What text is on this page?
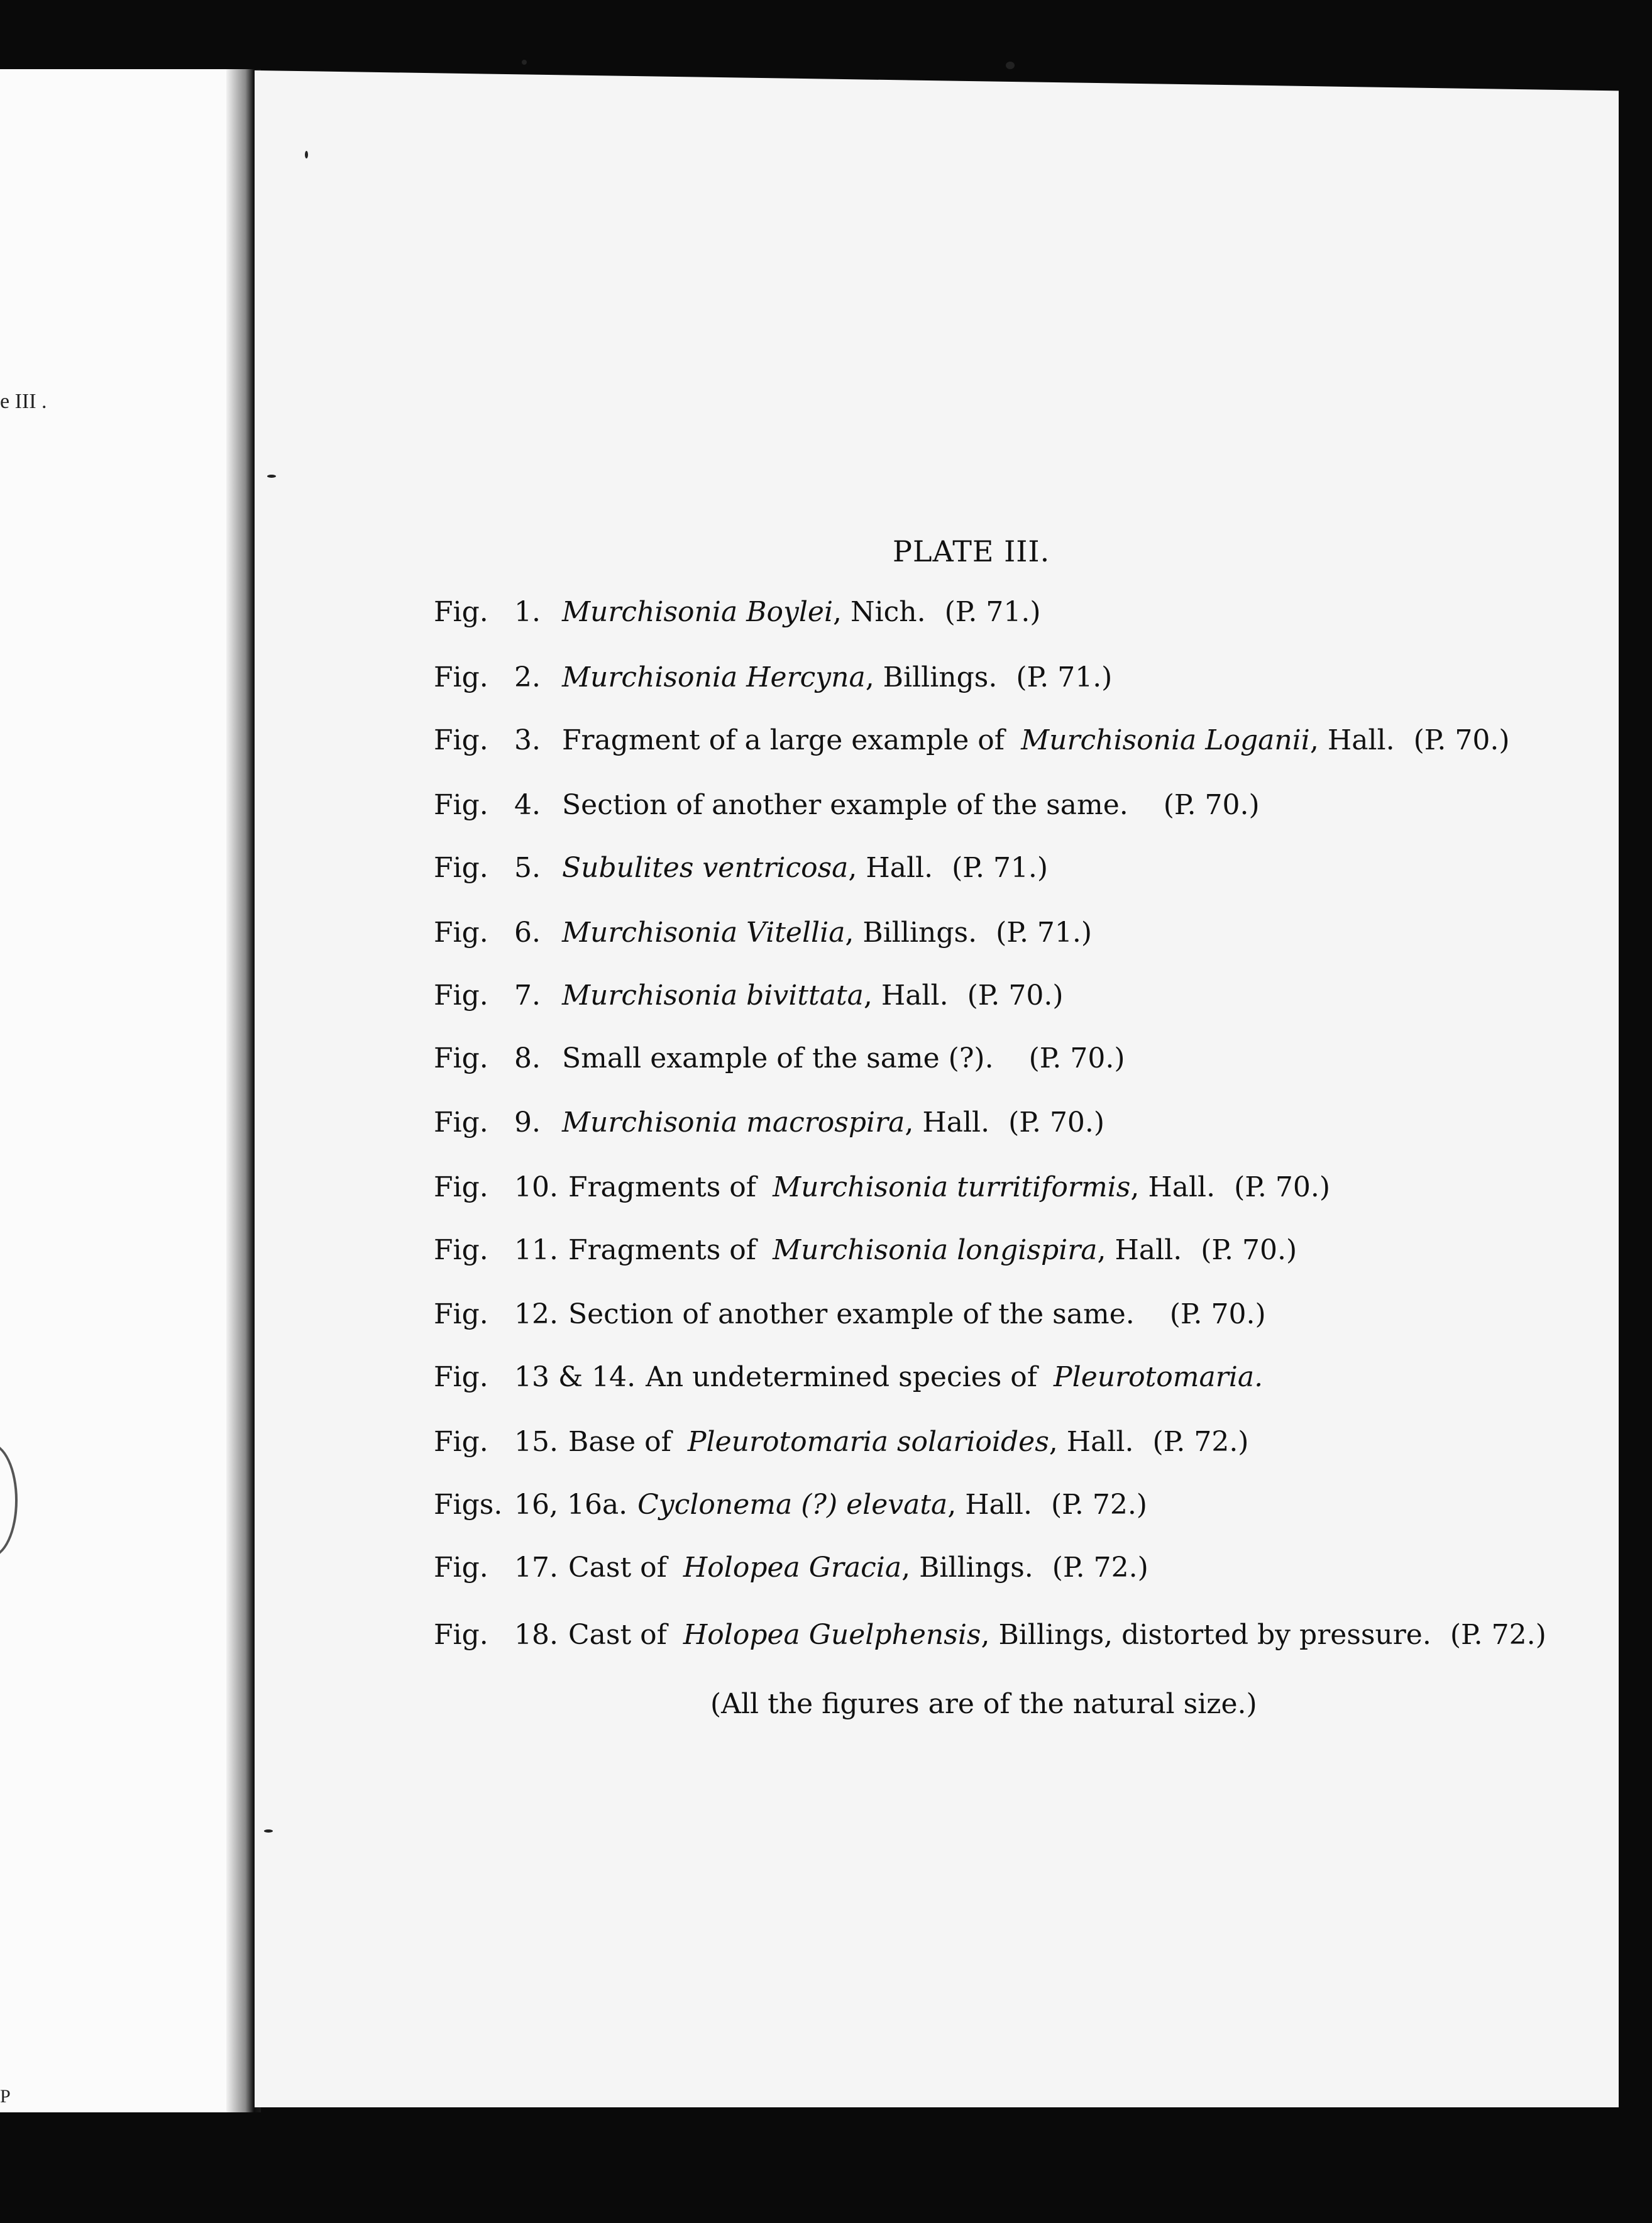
e III .
P
PLATE III.
Fig. 1. Murchisonia Boylei, Nich. (P. 71.)
Fig. 2. Murchisonia Hercyna, Billings. (P. 71.)
Fig. 3. Fragment of a large example of Murchisonia Loganii, Hall. (P. 70.)
Fig. 4. Section of another example of the same. (P. 70.)
Fig. 5. Subulites ventricosa, Hall. (P. 71.)
Fig. 6. Murchisonia Vitellia, Billings. (P. 71.)
Fig. 7. Murchisonia bivittata, Hall. (P. 70.)
Fig. 8. Small example of the same (?). (P. 70.)
Fig. 9. Murchisonia macrospira, Hall. (P. 70.)
Fig. 10. Fragments of Murchisonia turritiformis, Hall. (P. 70.)
Fig. 11. Fragments of Murchisonia longispira, Hall. (P. 70.)
Fig. 12. Section of another example of the same. (P. 70.)
Fig. 13 & 14. An undetermined species of Pleurotomaria.
Fig. 15. Base of Pleurotomaria solarioides, Hall. (P. 72.)
Figs. 16, 16a. Cyclonema (?) elevata, Hall. (P. 72.)
Fig. 17. Cast of Holopea Gracia, Billings. (P. 72.)
Fig. 18. Cast of Holopea Guelphensis, Billings, distorted by pressure. (P. 72.)
(All the figures are of the natural size.)
